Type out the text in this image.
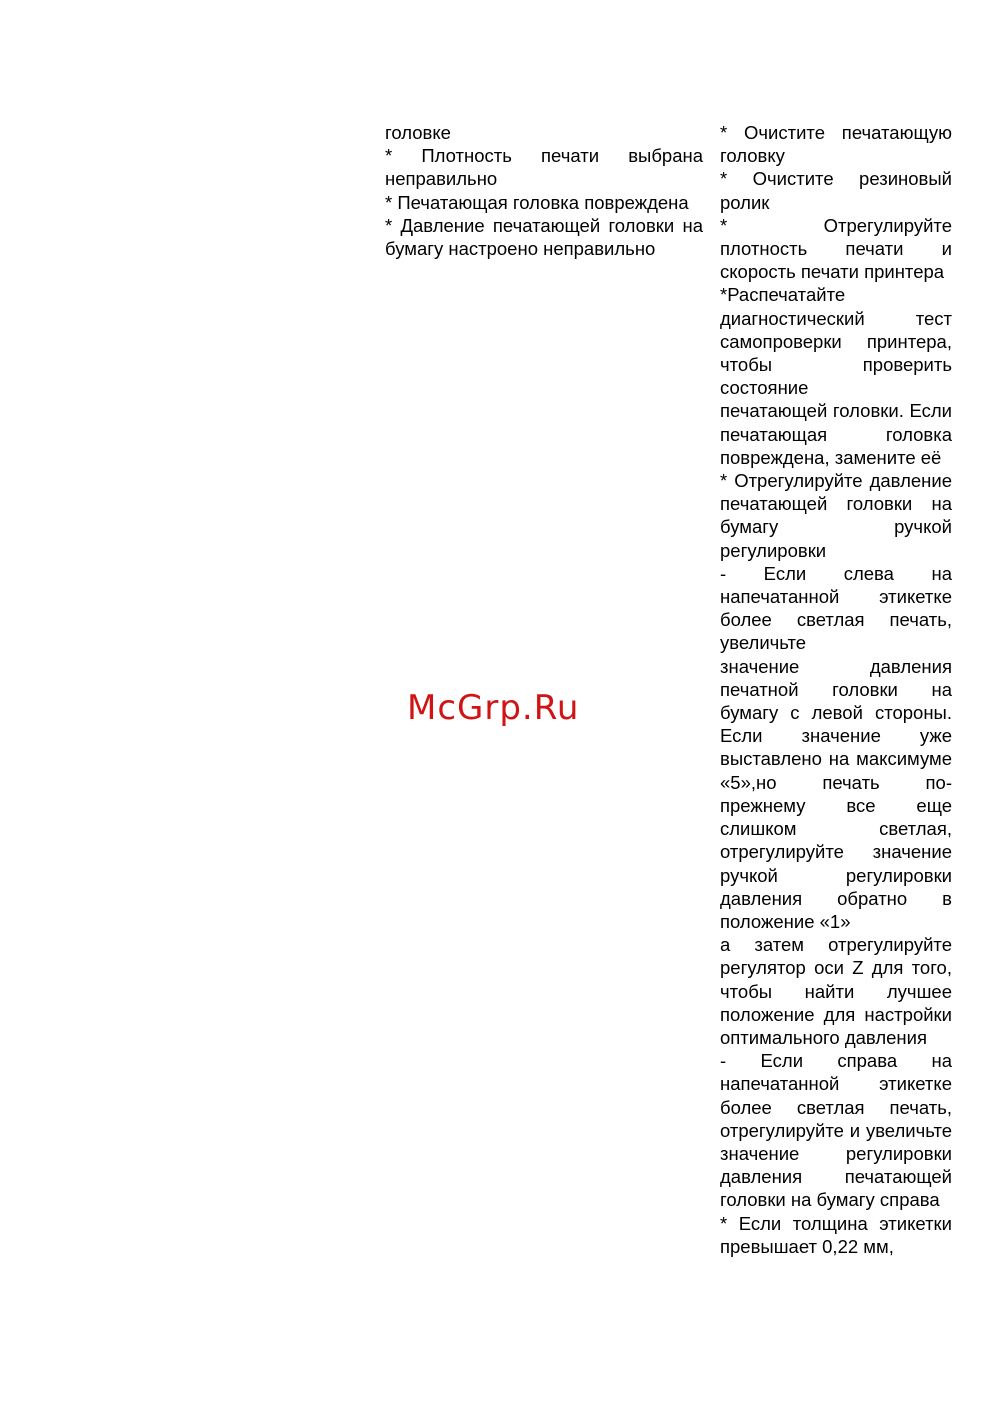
головке

* Плотность печати выбрана неправильно

* Печатающая головка повреждена

* Давление печатающей головки на бумагу настроено неправильно

* Очистите печатающую головку

* Очистите резиновый ролик

* Отрегулируйте плотность печати и скорость печати принтера

*Распечатайте диагностический тест самопроверки принтера, чтобы проверить состояние

печатающей головки. Если печатающая головка повреждена, замените её

* Отрегулируйте давление печатающей головки на бумагу ручкой регулировки

- Если слева на напечатанной этикетке более светлая печать, увеличьте

значение давления печатной головки на бумагу с левой стороны. Если значение уже выставлено на максимуме «5»,но печать по-прежнему все еще слишком светлая, отрегулируйте значение ручкой регулировки давления обратно в положение «1»

а затем отрегулируйте регулятор оси Z для того, чтобы найти лучшее положение для настройки оптимального давления

- Если справа на напечатанной этикетке более светлая печать, отрегулируйте и увеличьте значение регулировки давления печатающей головки на бумагу справа

* Если толщина этикетки превышает 0,22 мм,

McGrp.Ru
